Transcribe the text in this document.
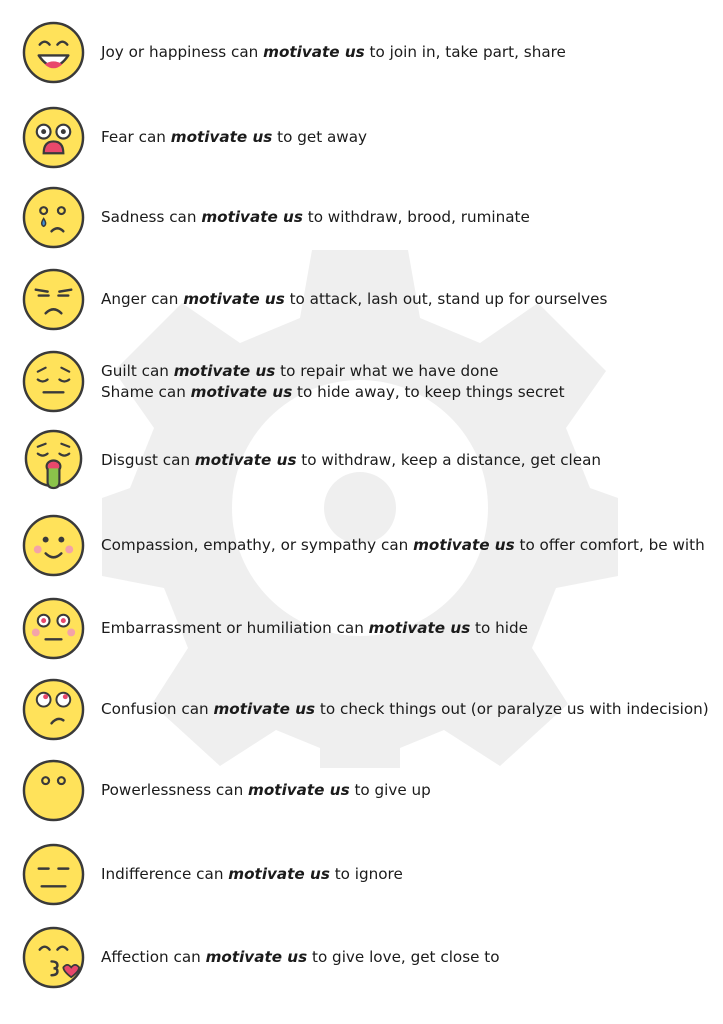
Joy or happiness can motivate us to join in, take part, share
Fear can motivate us to get away
Sadness can motivate us to withdraw, brood, ruminate
Anger can motivate us to attack, lash out, stand up for ourselves
Guilt can motivate us to repair what we have done
Shame can motivate us to hide away, to keep things secret
Disgust can motivate us to withdraw, keep a distance, get clean
Compassion, empathy, or sympathy can motivate us to offer comfort, be with
Embarrassment or humiliation can motivate us to hide
Confusion can motivate us to check things out (or paralyze us with indecision)
Powerlessness can motivate us to give up
Indifference can motivate us to ignore
Affection can motivate us to give love, get close to
